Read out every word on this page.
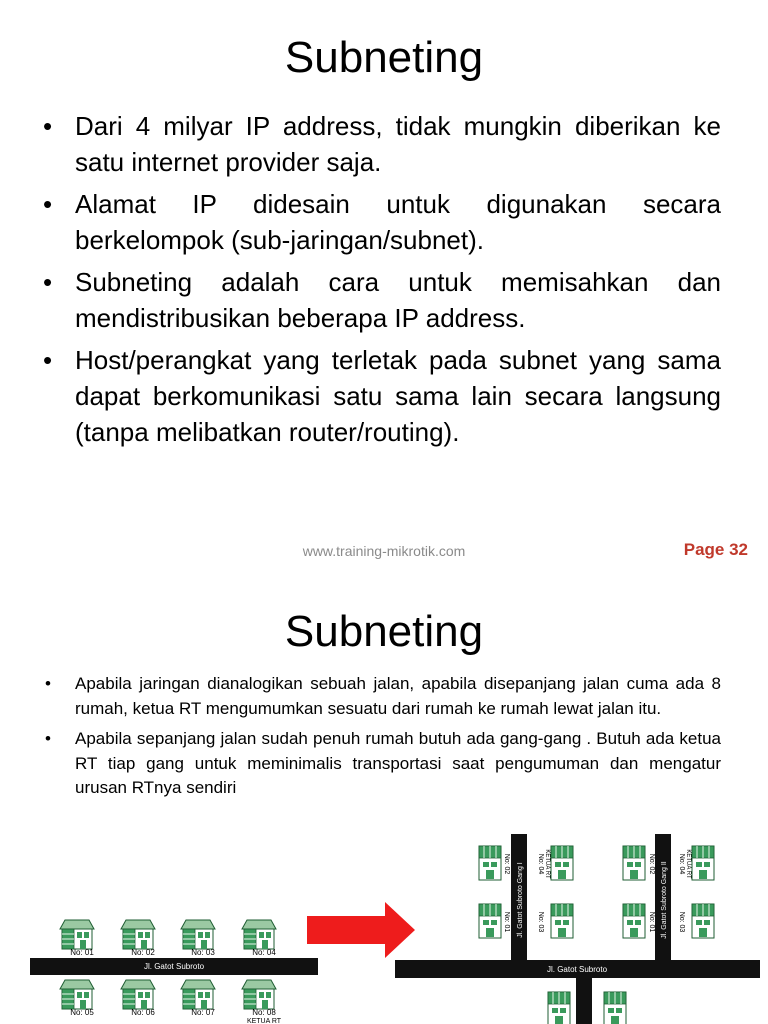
Subneting
• Dari 4 milyar IP address, tidak mungkin diberikan ke satu internet provider saja.
• Alamat IP didesain untuk digunakan secara berkelompok (sub-jaringan/subnet).
• Subneting adalah cara untuk memisahkan dan mendistribusikan beberapa IP address.
• Host/perangkat yang terletak pada subnet yang sama dapat berkomunikasi satu sama lain secara langsung (tanpa melibatkan router/routing).
www.training-mikrotik.com	Page 32
Subneting
• Apabila jaringan dianalogikan sebuah jalan, apabila disepanjang jalan cuma ada 8 rumah, ketua RT mengumumkan sesuatu dari rumah ke rumah lewat jalan itu.
• Apabila sepanjang jalan sudah penuh rumah butuh ada gang-gang . Butuh ada ketua RT tiap gang untuk meminimalis transportasi saat pengumuman dan mengatur urusan RTnya sendiri
No: 01	No: 02	No: 03	No: 04
Jl. Gatot Subroto
No: 05	No: 06	No: 07	No: 08
KETUA RT
Jl. Gatot Subroto Gang I	Jl. Gatot Subroto Gang II
No: 02	No: 04
No: 01	No: 03
KETUA RT	No: 02	No: 04
No: 01	No: 03
KETUA RT
Jl. Gatot Subroto
